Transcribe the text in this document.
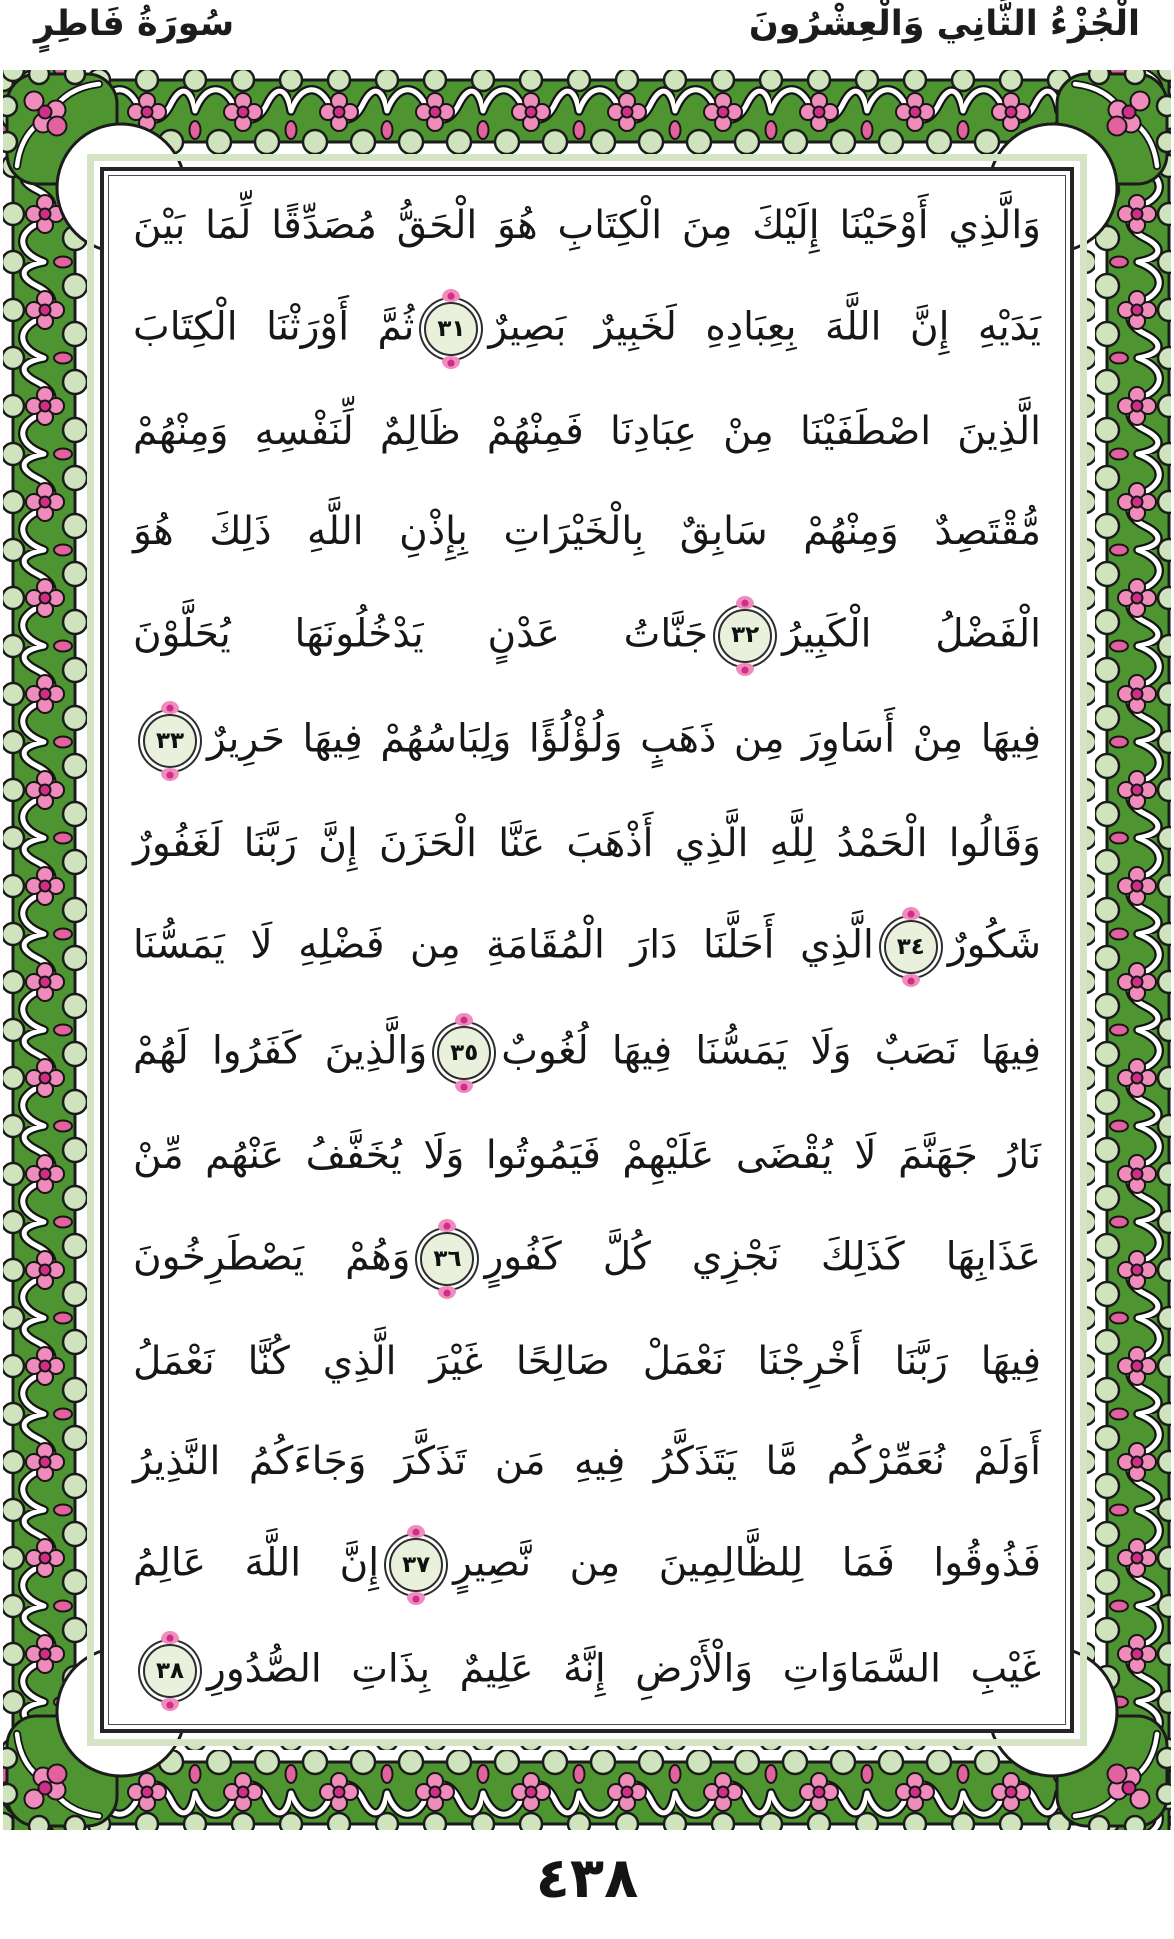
الْجُزْءُ الثَّانِي وَالْعِشْرُونَ
سُورَةُ فَاطِرٍ
وَالَّذِي أَوْحَيْنَا إِلَيْكَ مِنَ الْكِتَابِ هُوَ الْحَقُّ مُصَدِّقًا لِّمَا بَيْنَ
يَدَيْهِ إِنَّ اللَّهَ بِعِبَادِهِ لَخَبِيرٌ بَصِيرٌ
٣١
ثُمَّ أَوْرَثْنَا الْكِتَابَ
الَّذِينَ اصْطَفَيْنَا مِنْ عِبَادِنَا فَمِنْهُمْ ظَالِمٌ لِّنَفْسِهِ وَمِنْهُمْ
مُّقْتَصِدٌ وَمِنْهُمْ سَابِقٌ بِالْخَيْرَاتِ بِإِذْنِ اللَّهِ ذَلِكَ هُوَ
الْفَضْلُ الْكَبِيرُ
٣٢
جَنَّاتُ عَدْنٍ يَدْخُلُونَهَا يُحَلَّوْنَ
فِيهَا مِنْ أَسَاوِرَ مِن ذَهَبٍ وَلُؤْلُؤًا وَلِبَاسُهُمْ فِيهَا حَرِيرٌ
٣٣
وَقَالُوا الْحَمْدُ لِلَّهِ الَّذِي أَذْهَبَ عَنَّا الْحَزَنَ إِنَّ رَبَّنَا لَغَفُورٌ
شَكُورٌ
٣٤
الَّذِي أَحَلَّنَا دَارَ الْمُقَامَةِ مِن فَضْلِهِ لَا يَمَسُّنَا
فِيهَا نَصَبٌ وَلَا يَمَسُّنَا فِيهَا لُغُوبٌ
٣٥
وَالَّذِينَ كَفَرُوا لَهُمْ
نَارُ جَهَنَّمَ لَا يُقْضَى عَلَيْهِمْ فَيَمُوتُوا وَلَا يُخَفَّفُ عَنْهُم مِّنْ
عَذَابِهَا كَذَلِكَ نَجْزِي كُلَّ كَفُورٍ
٣٦
وَهُمْ يَصْطَرِخُونَ
فِيهَا رَبَّنَا أَخْرِجْنَا نَعْمَلْ صَالِحًا غَيْرَ الَّذِي كُنَّا نَعْمَلُ
أَوَلَمْ نُعَمِّرْكُم مَّا يَتَذَكَّرُ فِيهِ مَن تَذَكَّرَ وَجَاءَكُمُ النَّذِيرُ
فَذُوقُوا فَمَا لِلظَّالِمِينَ مِن نَّصِيرٍ
٣٧
إِنَّ اللَّهَ عَالِمُ
غَيْبِ السَّمَاوَاتِ وَالْأَرْضِ إِنَّهُ عَلِيمٌ بِذَاتِ الصُّدُورِ
٣٨
٤٣٨
